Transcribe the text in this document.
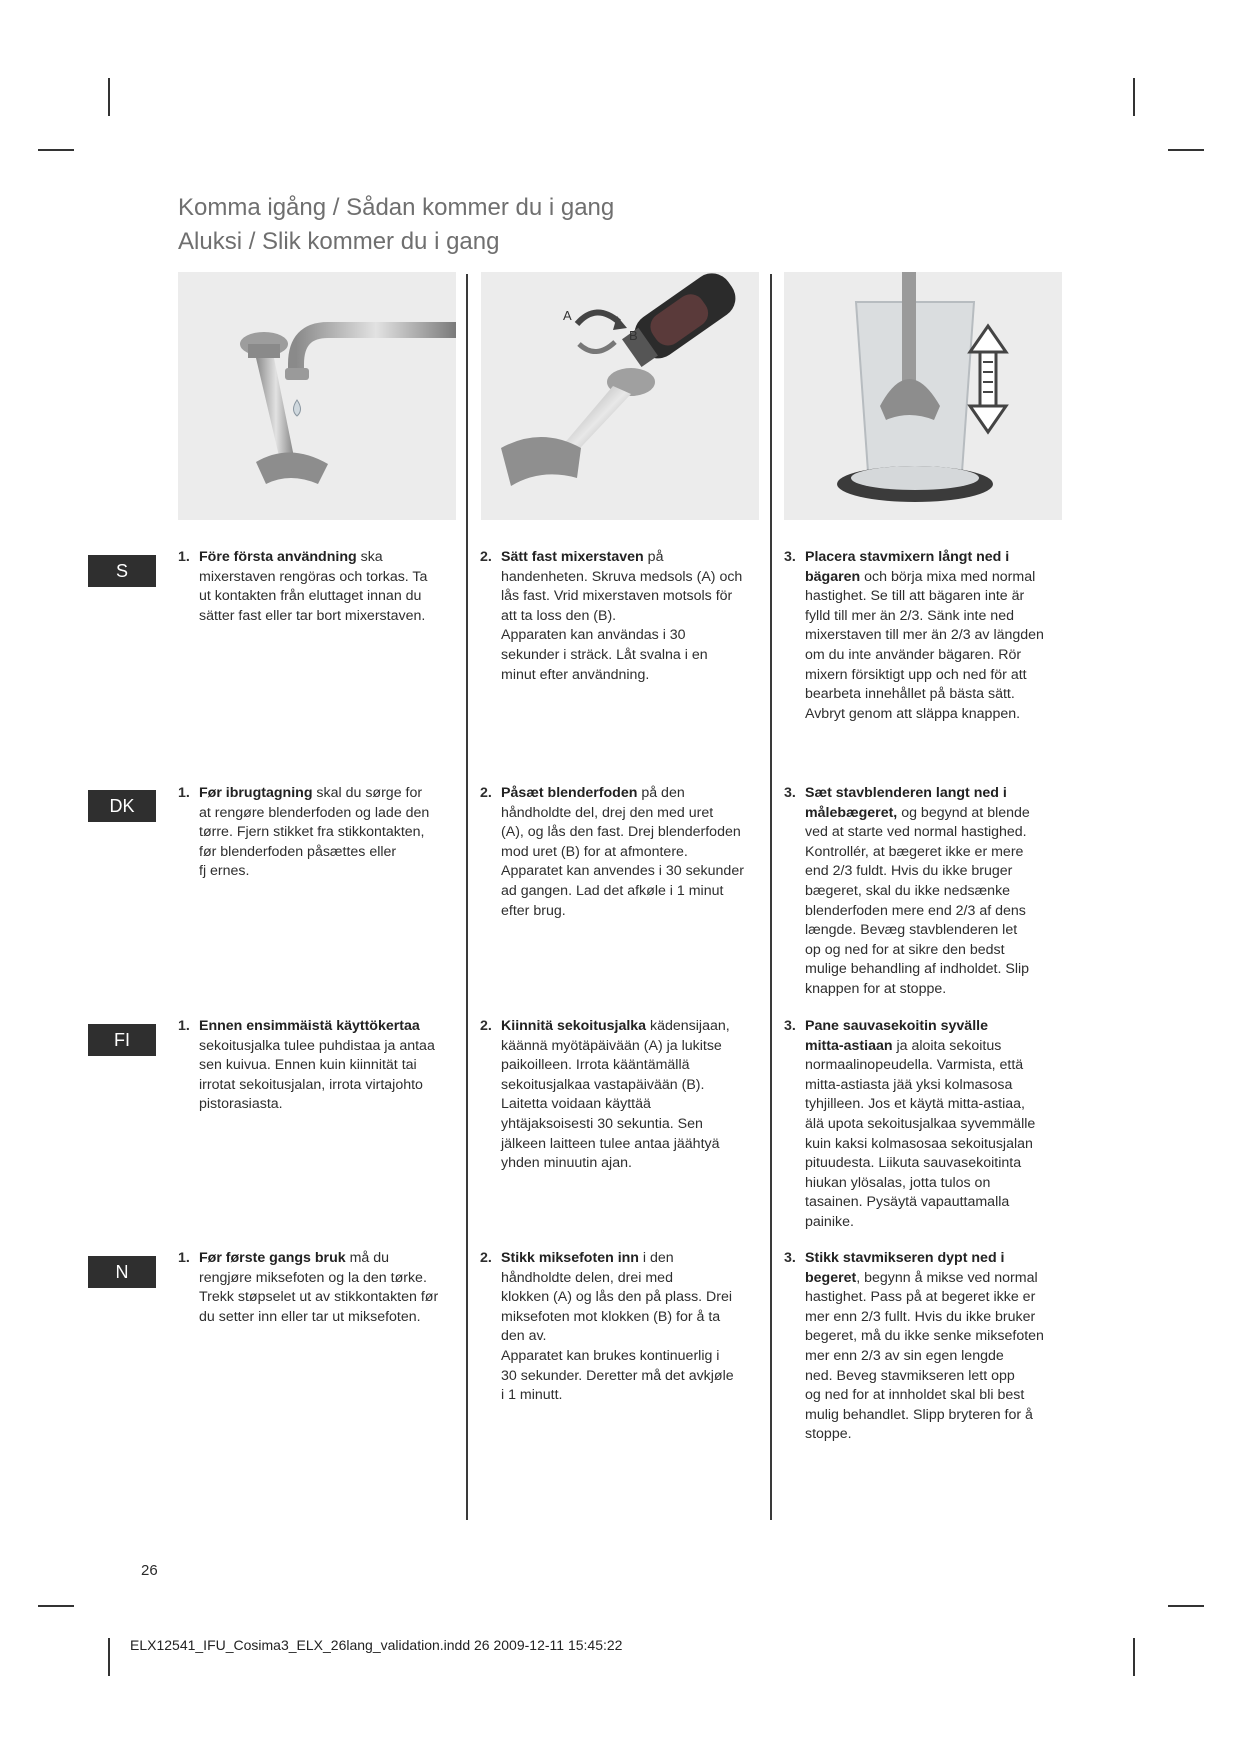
Komma igång / Sådan kommer du i gang
Aluksi / Slik kommer du i gang
A
B
S
1. Före första användning ska
mixerstaven rengöras och torkas. Ta
ut kontakten från eluttaget innan du
sätter fast eller tar bort mixerstaven.
2. Sätt fast mixerstaven på
handenheten. Skruva medsols (A) och
lås fast. Vrid mixerstaven motsols för
att ta loss den (B).
Apparaten kan användas i 30
sekunder i sträck. Låt svalna i en
minut efter användning.
3. Placera stavmixern långt ned i
bägaren och börja mixa med normal
hastighet. Se till att bägaren inte är
fylld till mer än 2/3. Sänk inte ned
mixerstaven till mer än 2/3 av längden
om du inte använder bägaren. Rör
mixern försiktigt upp och ned för att
bearbeta innehållet på bästa sätt.
Avbryt genom att släppa knappen.
DK
1. Før ibrugtagning skal du sørge for
at rengøre blenderfoden og lade den
tørre. Fjern stikket fra stikkontakten,
før blenderfoden påsættes eller
fj ernes.
2. Påsæt blenderfoden på den
håndholdte del, drej den med uret
(A), og lås den fast. Drej blenderfoden
mod uret (B) for at afmontere.
Apparatet kan anvendes i 30 sekunder
ad gangen. Lad det afkøle i 1 minut
efter brug.
3. Sæt stavblenderen langt ned i
målebægeret, og begynd at blende
ved at starte ved normal hastighed.
Kontrollér, at bægeret ikke er mere
end 2/3 fuldt. Hvis du ikke bruger
bægeret, skal du ikke nedsænke
blenderfoden mere end 2/3 af dens
længde. Bevæg stavblenderen let
op og ned for at sikre den bedst
mulige behandling af indholdet. Slip
knappen for at stoppe.
FI
1. Ennen ensimmäistä käyttökertaa
sekoitusjalka tulee puhdistaa ja antaa
sen kuivua. Ennen kuin kiinnität tai
irrotat sekoitusjalan, irrota virtajohto
pistorasiasta.
2. Kiinnitä sekoitusjalka kädensijaan,
käännä myötäpäivään (A) ja lukitse
paikoilleen. Irrota kääntämällä
sekoitusjalkaa vastapäivään (B).
Laitetta voidaan käyttää
yhtäjaksoisesti 30 sekuntia. Sen
jälkeen laitteen tulee antaa jäähtyä
yhden minuutin ajan.
3. Pane sauvasekoitin syvälle
mitta-astiaan ja aloita sekoitus
normaalinopeudella. Varmista, että
mitta-astiasta jää yksi kolmasosa
tyhjilleen. Jos et käytä mitta-astiaa,
älä upota sekoitusjalkaa syvemmälle
kuin kaksi kolmasosaa sekoitusjalan
pituudesta. Liikuta sauvasekoitinta
hiukan ylösalas, jotta tulos on
tasainen. Pysäytä vapauttamalla
painike.
N
1. Før første gangs bruk må du
rengjøre miksefoten og la den tørke.
Trekk støpselet ut av stikkontakten før
du setter inn eller tar ut miksefoten.
2. Stikk miksefoten inn i den
håndholdte delen, drei med
klokken (A) og lås den på plass. Drei
miksefoten mot klokken (B) for å ta
den av.
Apparatet kan brukes kontinuerlig i
30 sekunder. Deretter må det avkjøle
i 1 minutt.
3. Stikk stavmikseren dypt ned i
begeret, begynn å mikse ved normal
hastighet. Pass på at begeret ikke er
mer enn 2/3 fullt. Hvis du ikke bruker
begeret, må du ikke senke miksefoten
mer enn 2/3 av sin egen lengde
ned. Beveg stavmikseren lett opp
og ned for at innholdet skal bli best
mulig behandlet. Slipp bryteren for å
stoppe.
26
ELX12541_IFU_Cosima3_ELX_26lang_validation.indd 26 2009-12-11 15:45:22
